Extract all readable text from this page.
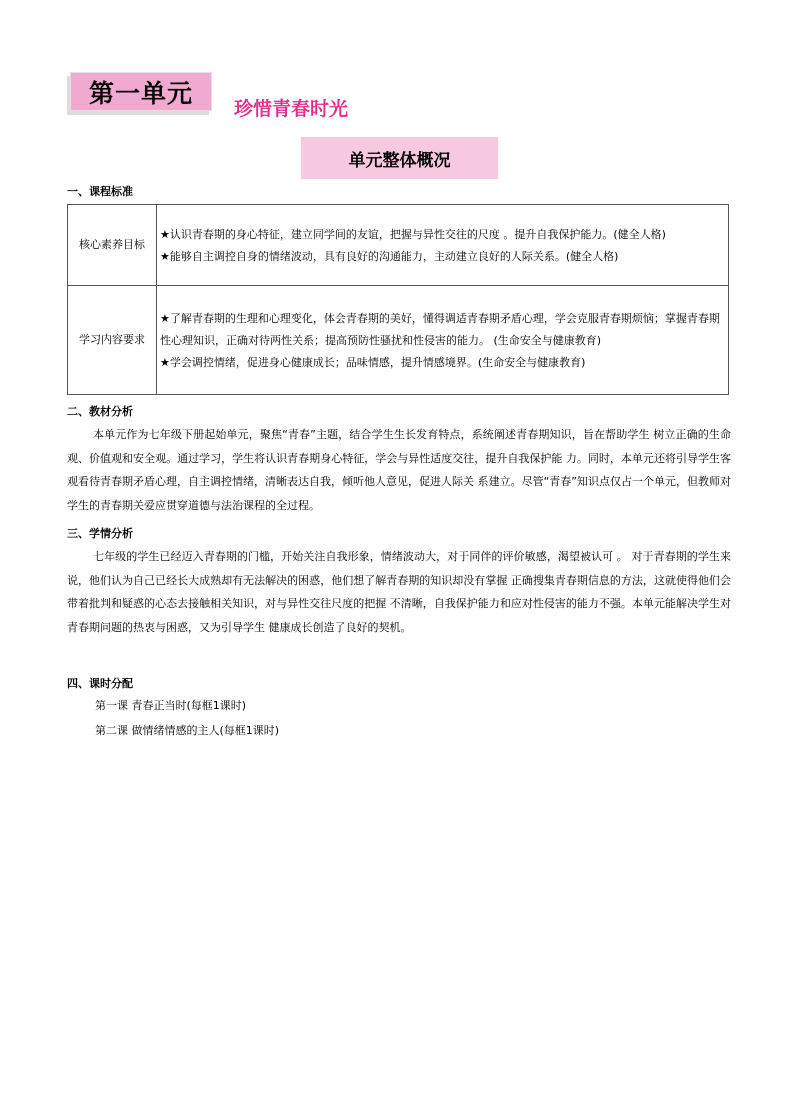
第一单元
珍惜青春时光
单元整体概况
一、课程标准
核心素养目标	★认识青春期的身心特征，建立同学间的友谊，把握与异性交往的尺度 。提升自我保护能力。(健全人格)
★能够自主调控自身的情绪波动，具有良好的沟通能力，主动建立良好的人际关系。(健全人格)

学习内容要求	★了解青春期的生理和心理变化，体会青春期的美好，懂得调适青春期矛盾心理，学会克服青春期烦恼；掌握青春期性心理知识，正确对待两性关系；提高预防性骚扰和性侵害的能力。 (生命安全与健康教育)
★学会调控情绪，促进身心健康成长；品味情感，提升情感境界。(生命安全与健康教育)
二、教材分析
本单元作为七年级下册起始单元，聚焦“青春”主题，结合学生生长发育特点，系统阐述青春期知识，旨在帮助学生 树立正确的生命观、价值观和安全观。通过学习，学生将认识青春期身心特征，学会与异性适度交往，提升自我保护能 力。同时，本单元还将引导学生客观看待青春期矛盾心理，自主调控情绪，清晰表达自我，倾听他人意见，促进人际关 系建立。尽管“青春”知识点仅占一个单元，但教师对学生的青春期关爱应贯穿道德与法治课程的全过程。
三、学情分析
七年级的学生已经迈入青春期的门槛，开始关注自我形象，情绪波动大，对于同伴的评价敏感，渴望被认可 。 对于青春期的学生来说，他们认为自己已经长大成熟却有无法解决的困惑，他们想了解青春期的知识却没有掌握 正确搜集青春期信息的方法，这就使得他们会带着批判和疑惑的心态去接触相关知识，对与异性交往尺度的把握 不清晰，自我保护能力和应对性侵害的能力不强。本单元能解决学生对青春期问题的热衷与困惑，又为引导学生 健康成长创造了良好的契机。
四、课时分配
第一课 青春正当时(每框1课时)
第二课 做情绪情感的主人(每框1课时)
